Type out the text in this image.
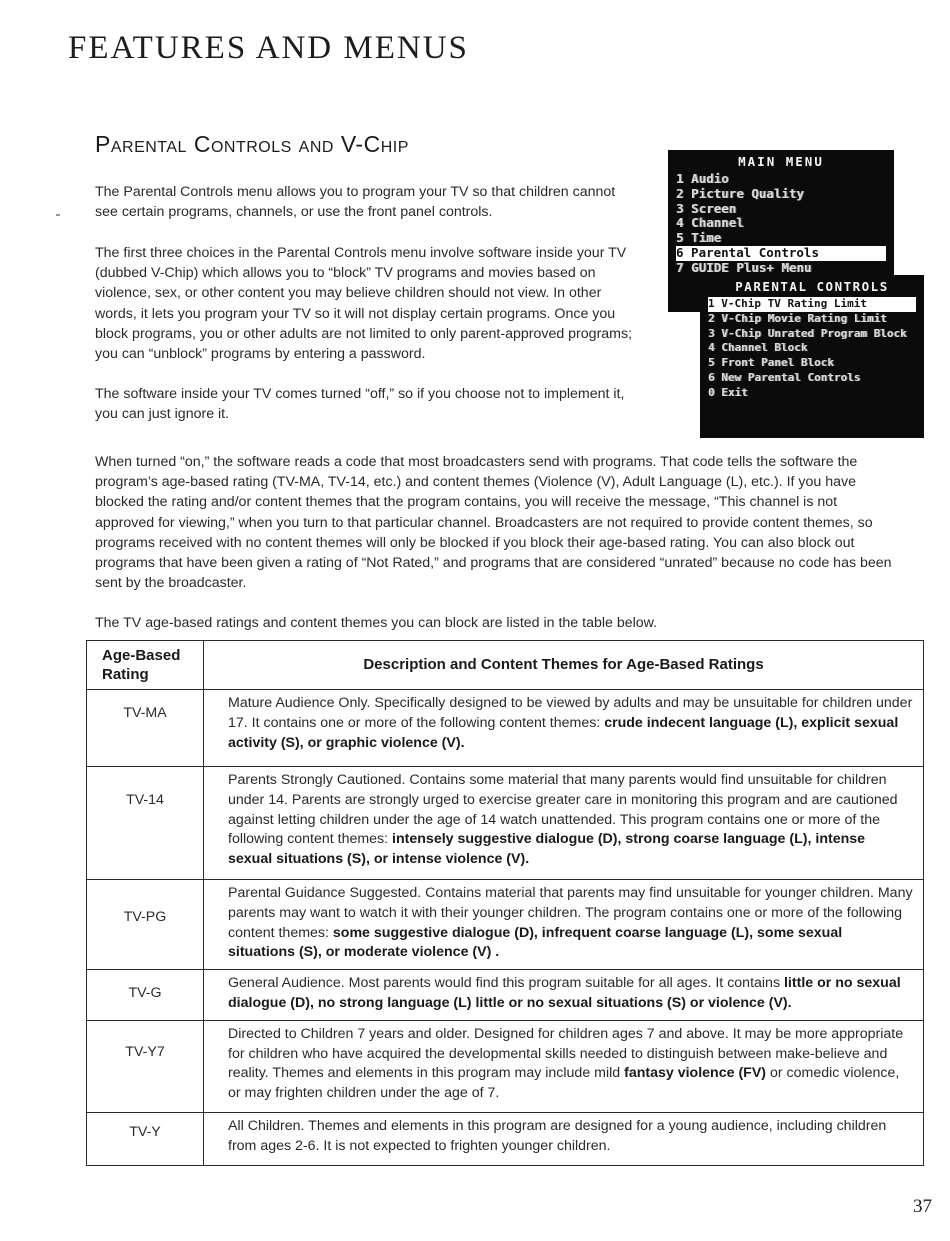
FEATURES AND MENUS
Parental Controls and V-Chip

The Parental Controls menu allows you to program your TV so that children cannot see certain programs, channels, or use the front panel controls.

The first three choices in the Parental Controls menu involve software inside your TV (dubbed V-Chip) which allows you to “block” TV programs and movies based on violence, sex, or other content you may believe children should not view. In other words, it lets you program your TV so it will not display certain programs. Once you block programs, you or other adults are not limited to only parent-approved programs; you can “unblock” programs by entering a password.

The software inside your TV comes turned “off,” so if you choose not to implement it, you can just ignore it.

MAIN MENU
1 Audio
2 Picture Quality
3 Screen
4 Channel
5 Time
6 Parental Controls
7 GUIDE Plus+ Menu
PARENTAL CONTROLS
1 V-Chip TV Rating Limit
2 V-Chip Movie Rating Limit
3 V-Chip Unrated Program Block
4 Channel Block
5 Front Panel Block
6 New Parental Controls
0 Exit

When turned “on,” the software reads a code that most broadcasters send with programs. That code tells the software the program’s age-based rating (TV-MA, TV-14, etc.) and content themes (Violence (V), Adult Language (L), etc.). If you have blocked the rating and/or content themes that the program contains, you will receive the message, “This channel is not approved for viewing,” when you turn to that particular channel. Broadcasters are not required to provide content themes, so programs received with no content themes will only be blocked if you block their age-based rating. You can also block out programs that have been given a rating of “Not Rated,” and programs that are considered “unrated” because no code has been sent by the broadcaster.

The TV age-based ratings and content themes you can block are listed in the table below.

Age-Based Rating	Description and Content Themes for Age-Based Ratings
TV-MA	Mature Audience Only. Specifically designed to be viewed by adults and may be unsuitable for children under 17. It contains one or more of the following content themes: crude indecent language (L), explicit sexual activity (S), or graphic violence (V).
TV-14	Parents Strongly Cautioned. Contains some material that many parents would find unsuitable for children under 14. Parents are strongly urged to exercise greater care in monitoring this program and are cautioned against letting children under the age of 14 watch unattended. This program contains one or more of the following content themes: intensely suggestive dialogue (D), strong coarse language (L), intense sexual situations (S), or intense violence (V).
TV-PG	Parental Guidance Suggested. Contains material that parents may find unsuitable for younger children. Many parents may want to watch it with their younger children. The program contains one or more of the following content themes: some suggestive dialogue (D), infrequent coarse language (L), some sexual situations (S), or moderate violence (V) .
TV-G	General Audience. Most parents would find this program suitable for all ages. It contains little or no sexual dialogue (D), no strong language (L) little or no sexual situations (S) or violence (V).
TV-Y7	Directed to Children 7 years and older. Designed for children ages 7 and above. It may be more appropriate for children who have acquired the developmental skills needed to distinguish between make-believe and reality. Themes and elements in this program may include mild fantasy violence (FV) or comedic violence, or may frighten children under the age of 7.
TV-Y	All Children. Themes and elements in this program are designed for a young audience, including children from ages 2-6. It is not expected to frighten younger children.
37
